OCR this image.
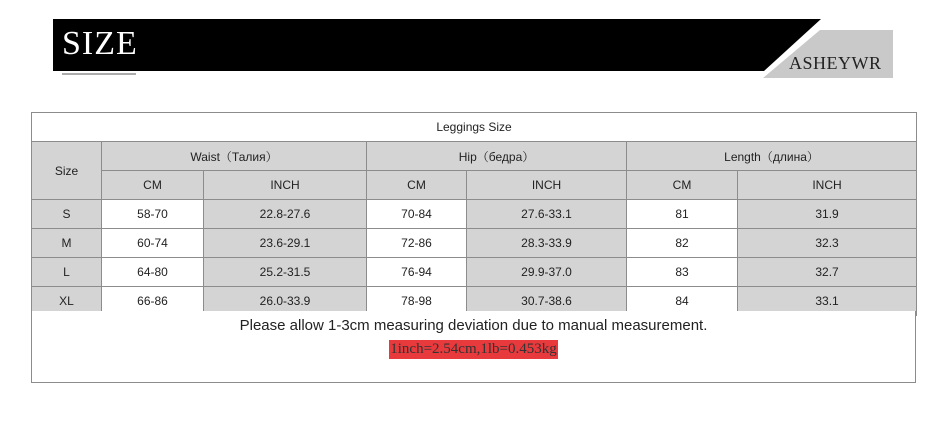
SIZE
ASHEYWR
Leggings Size						
Size	Waist（Талия）		Hip（бедра）		Length（длина）	
	CM	INCH	CM	INCH	CM	INCH
S	58-70	22.8-27.6	70-84	27.6-33.1	81	31.9
M	60-74	23.6-29.1	72-86	28.3-33.9	82	32.3
L	64-80	25.2-31.5	76-94	29.9-37.0	83	32.7
XL	66-86	26.0-33.9	78-98	30.7-38.6	84	33.1
Please allow 1-3cm measuring deviation due to manual measurement.
1inch=2.54cm,1lb=0.453kg
